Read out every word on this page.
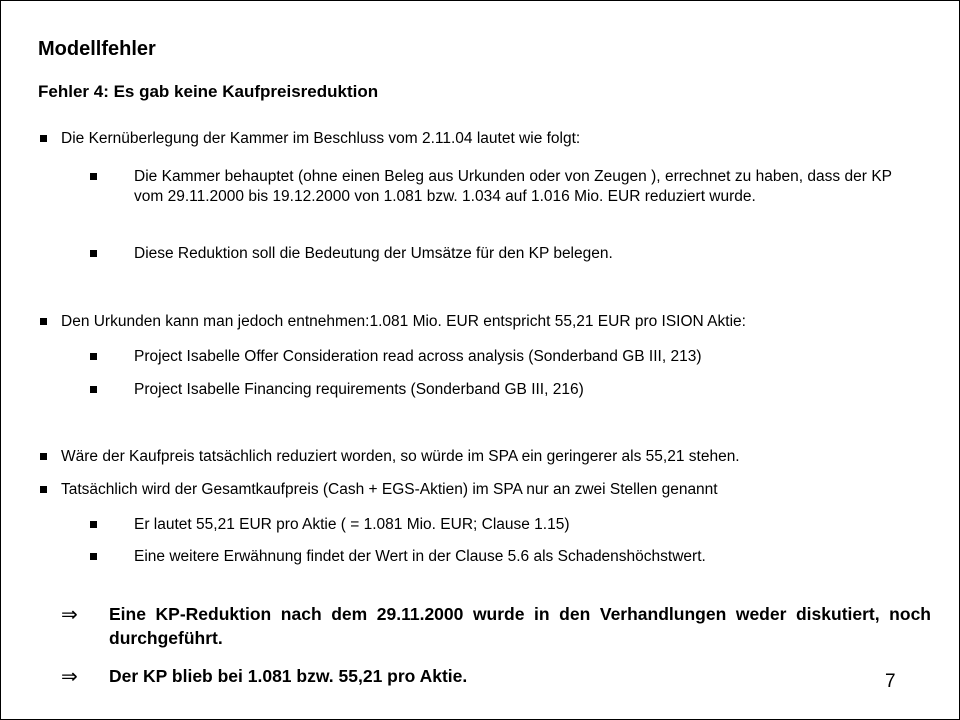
Modellfehler
Fehler 4: Es gab keine Kaufpreisreduktion
Die Kernüberlegung der Kammer im Beschluss vom 2.11.04 lautet wie folgt:
Die Kammer behauptet (ohne einen Beleg aus Urkunden oder von Zeugen ), errechnet zu haben, dass der KP vom 29.11.2000 bis 19.12.2000 von 1.081 bzw. 1.034 auf 1.016 Mio. EUR reduziert wurde.
Diese Reduktion soll die Bedeutung der Umsätze für den KP belegen.
Den Urkunden kann man jedoch entnehmen:1.081 Mio. EUR entspricht 55,21 EUR pro ISION Aktie:
Project Isabelle Offer Consideration read across analysis (Sonderband GB III, 213)
Project Isabelle Financing requirements (Sonderband GB III, 216)
Wäre der Kaufpreis tatsächlich reduziert worden, so würde im SPA ein geringerer als 55,21 stehen.
Tatsächlich wird der Gesamtkaufpreis (Cash + EGS-Aktien) im SPA nur an zwei Stellen genannt
Er lautet 55,21 EUR pro Aktie ( = 1.081 Mio. EUR; Clause 1.15)
Eine weitere Erwähnung findet der Wert in der Clause 5.6 als Schadenshöchstwert.
⇒ Eine KP-Reduktion nach dem 29.11.2000 wurde in den Verhandlungen weder diskutiert, noch durchgeführt.
⇒ Der KP blieb bei 1.081 bzw. 55,21 pro Aktie.	7
